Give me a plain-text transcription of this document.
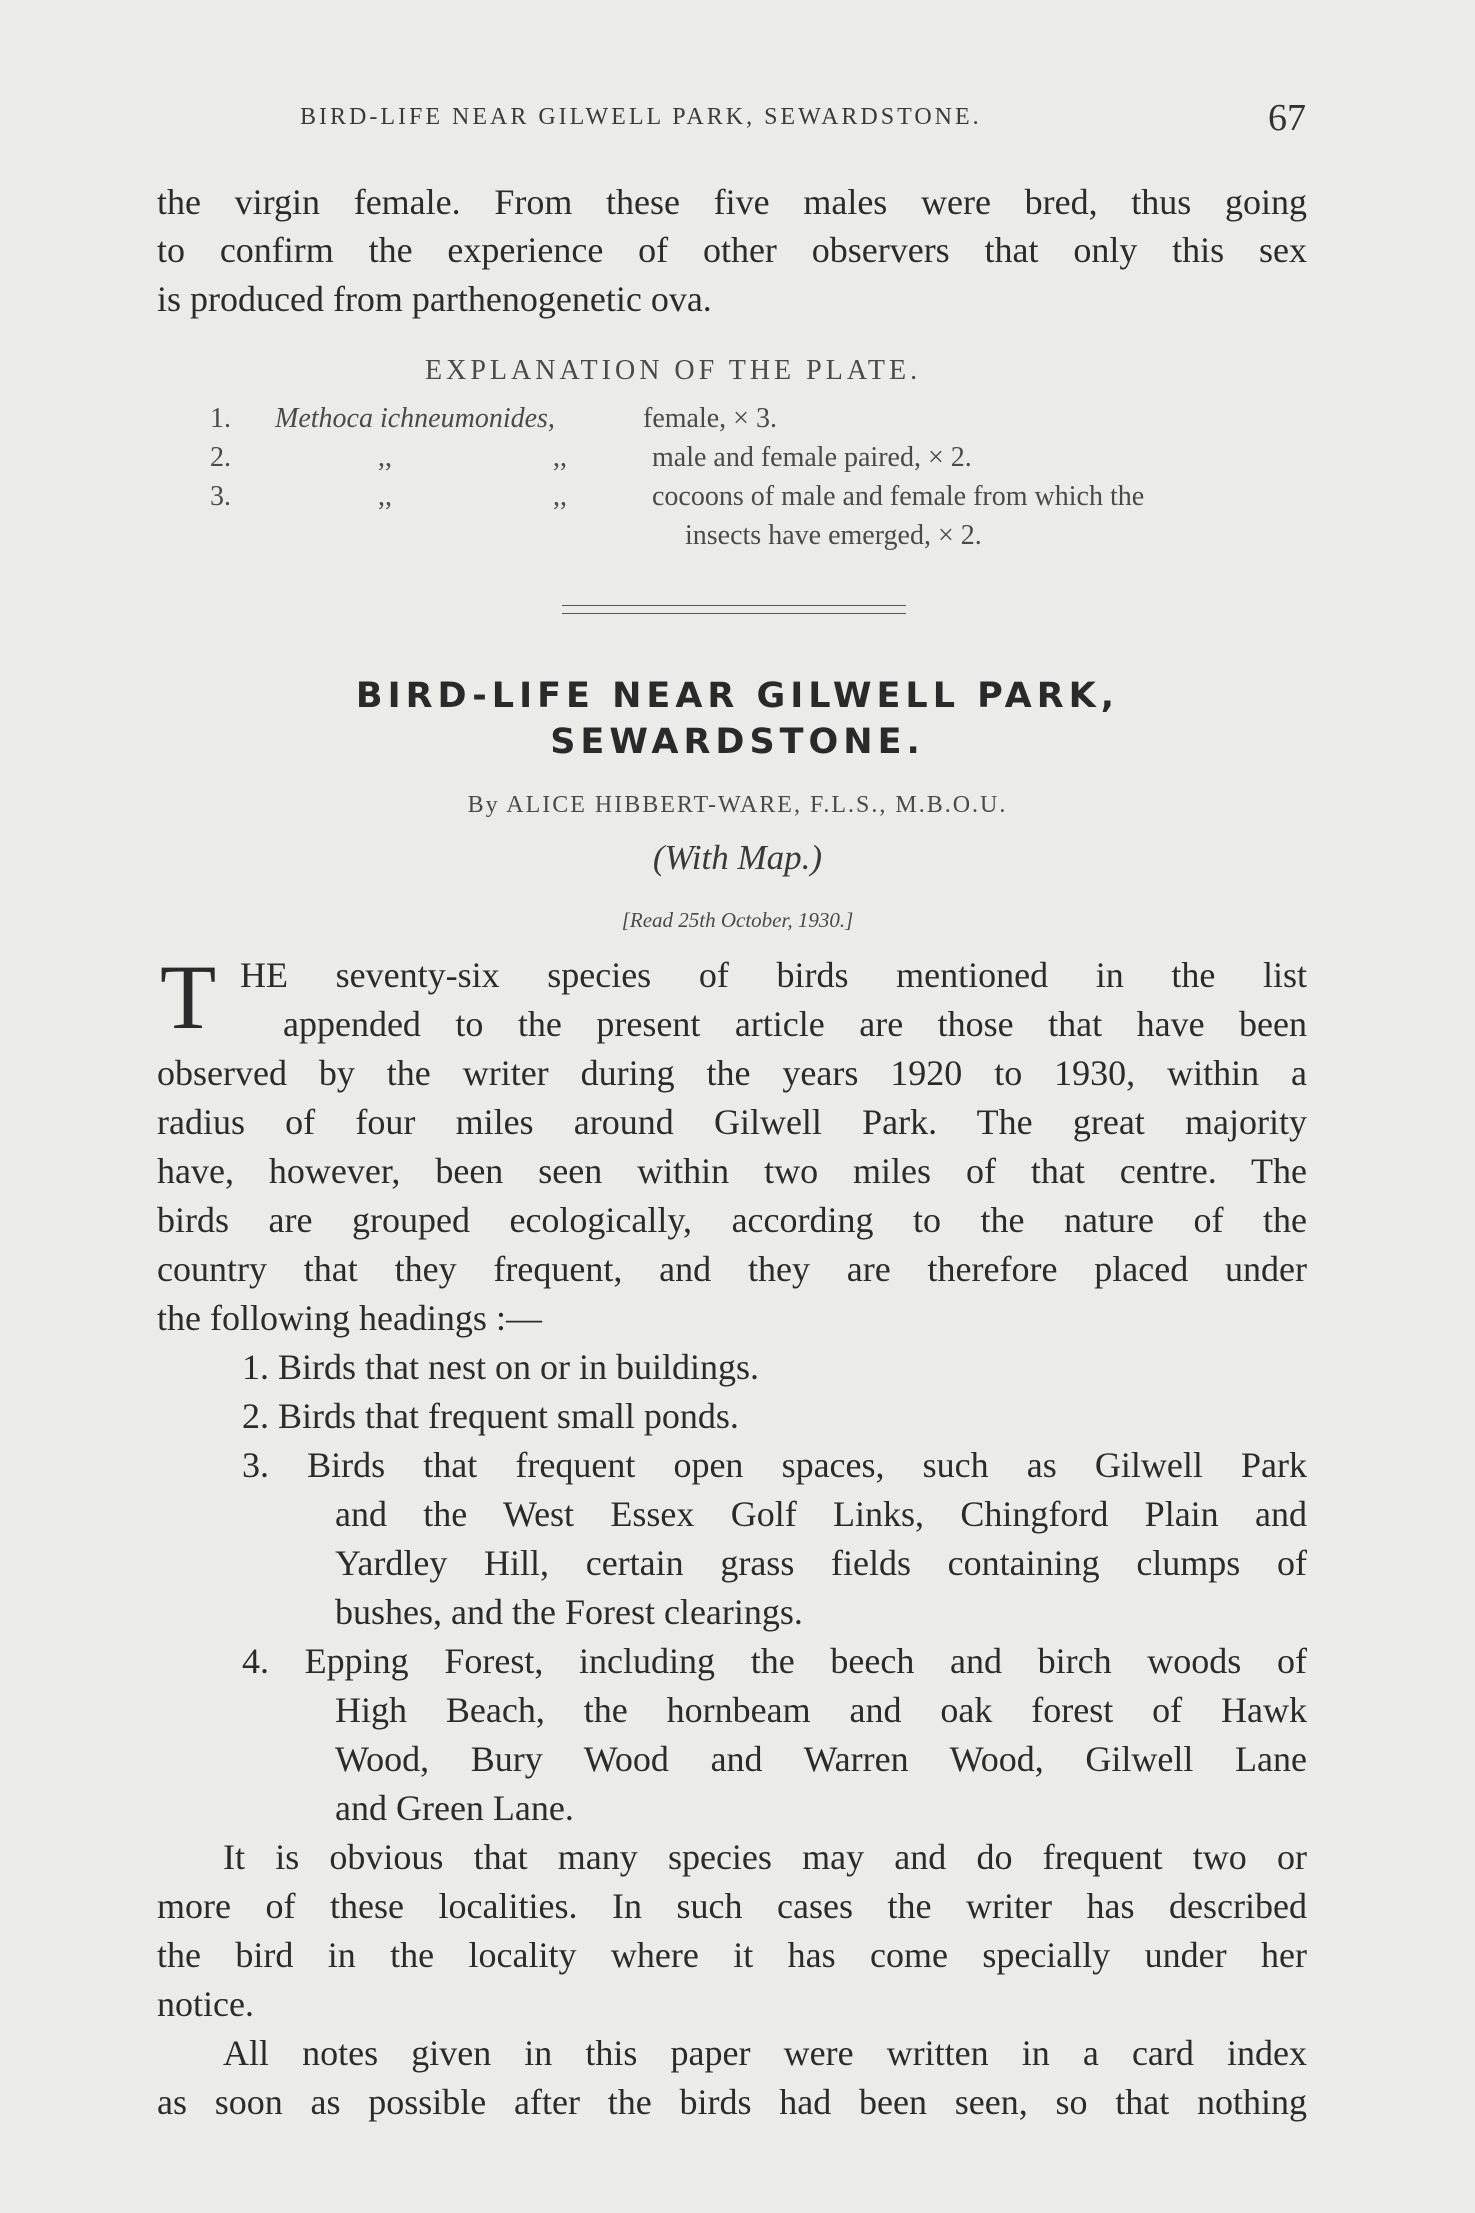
BIRD-LIFE NEAR GILWELL PARK, SEWARDSTONE.	67
the virgin female. From these five males were bred, thus going
to confirm the experience of other observers that only this sex
is produced from parthenogenetic ova.
EXPLANATION OF THE PLATE.
1. Methoca ichneumonides,	female, × 3.
2.	,,	,,	male and female paired, × 2.
3.	,,	,,	cocoons of male and female from which the
insects have emerged, × 2.
BIRD-LIFE NEAR GILWELL PARK,
SEWARDSTONE.
By ALICE HIBBERT-WARE, F.L.S., M.B.O.U.
(With Map.)
[Read 25th October, 1930.]
T HE seventy-six species of birds mentioned in the list
appended to the present article are those that have been
observed by the writer during the years 1920 to 1930, within a
radius of four miles around Gilwell Park. The great majority
have, however, been seen within two miles of that centre. The
birds are grouped ecologically, according to the nature of the
country that they frequent, and they are therefore placed under
the following headings :—
1. Birds that nest on or in buildings.
2. Birds that frequent small ponds.
3. Birds that frequent open spaces, such as Gilwell Park
and the West Essex Golf Links, Chingford Plain and
Yardley Hill, certain grass fields containing clumps of
bushes, and the Forest clearings.
4. Epping Forest, including the beech and birch woods of
High Beach, the hornbeam and oak forest of Hawk
Wood, Bury Wood and Warren Wood, Gilwell Lane
and Green Lane.
It is obvious that many species may and do frequent two or
more of these localities. In such cases the writer has described
the bird in the locality where it has come specially under her
notice.
All notes given in this paper were written in a card index
as soon as possible after the birds had been seen, so that nothing
